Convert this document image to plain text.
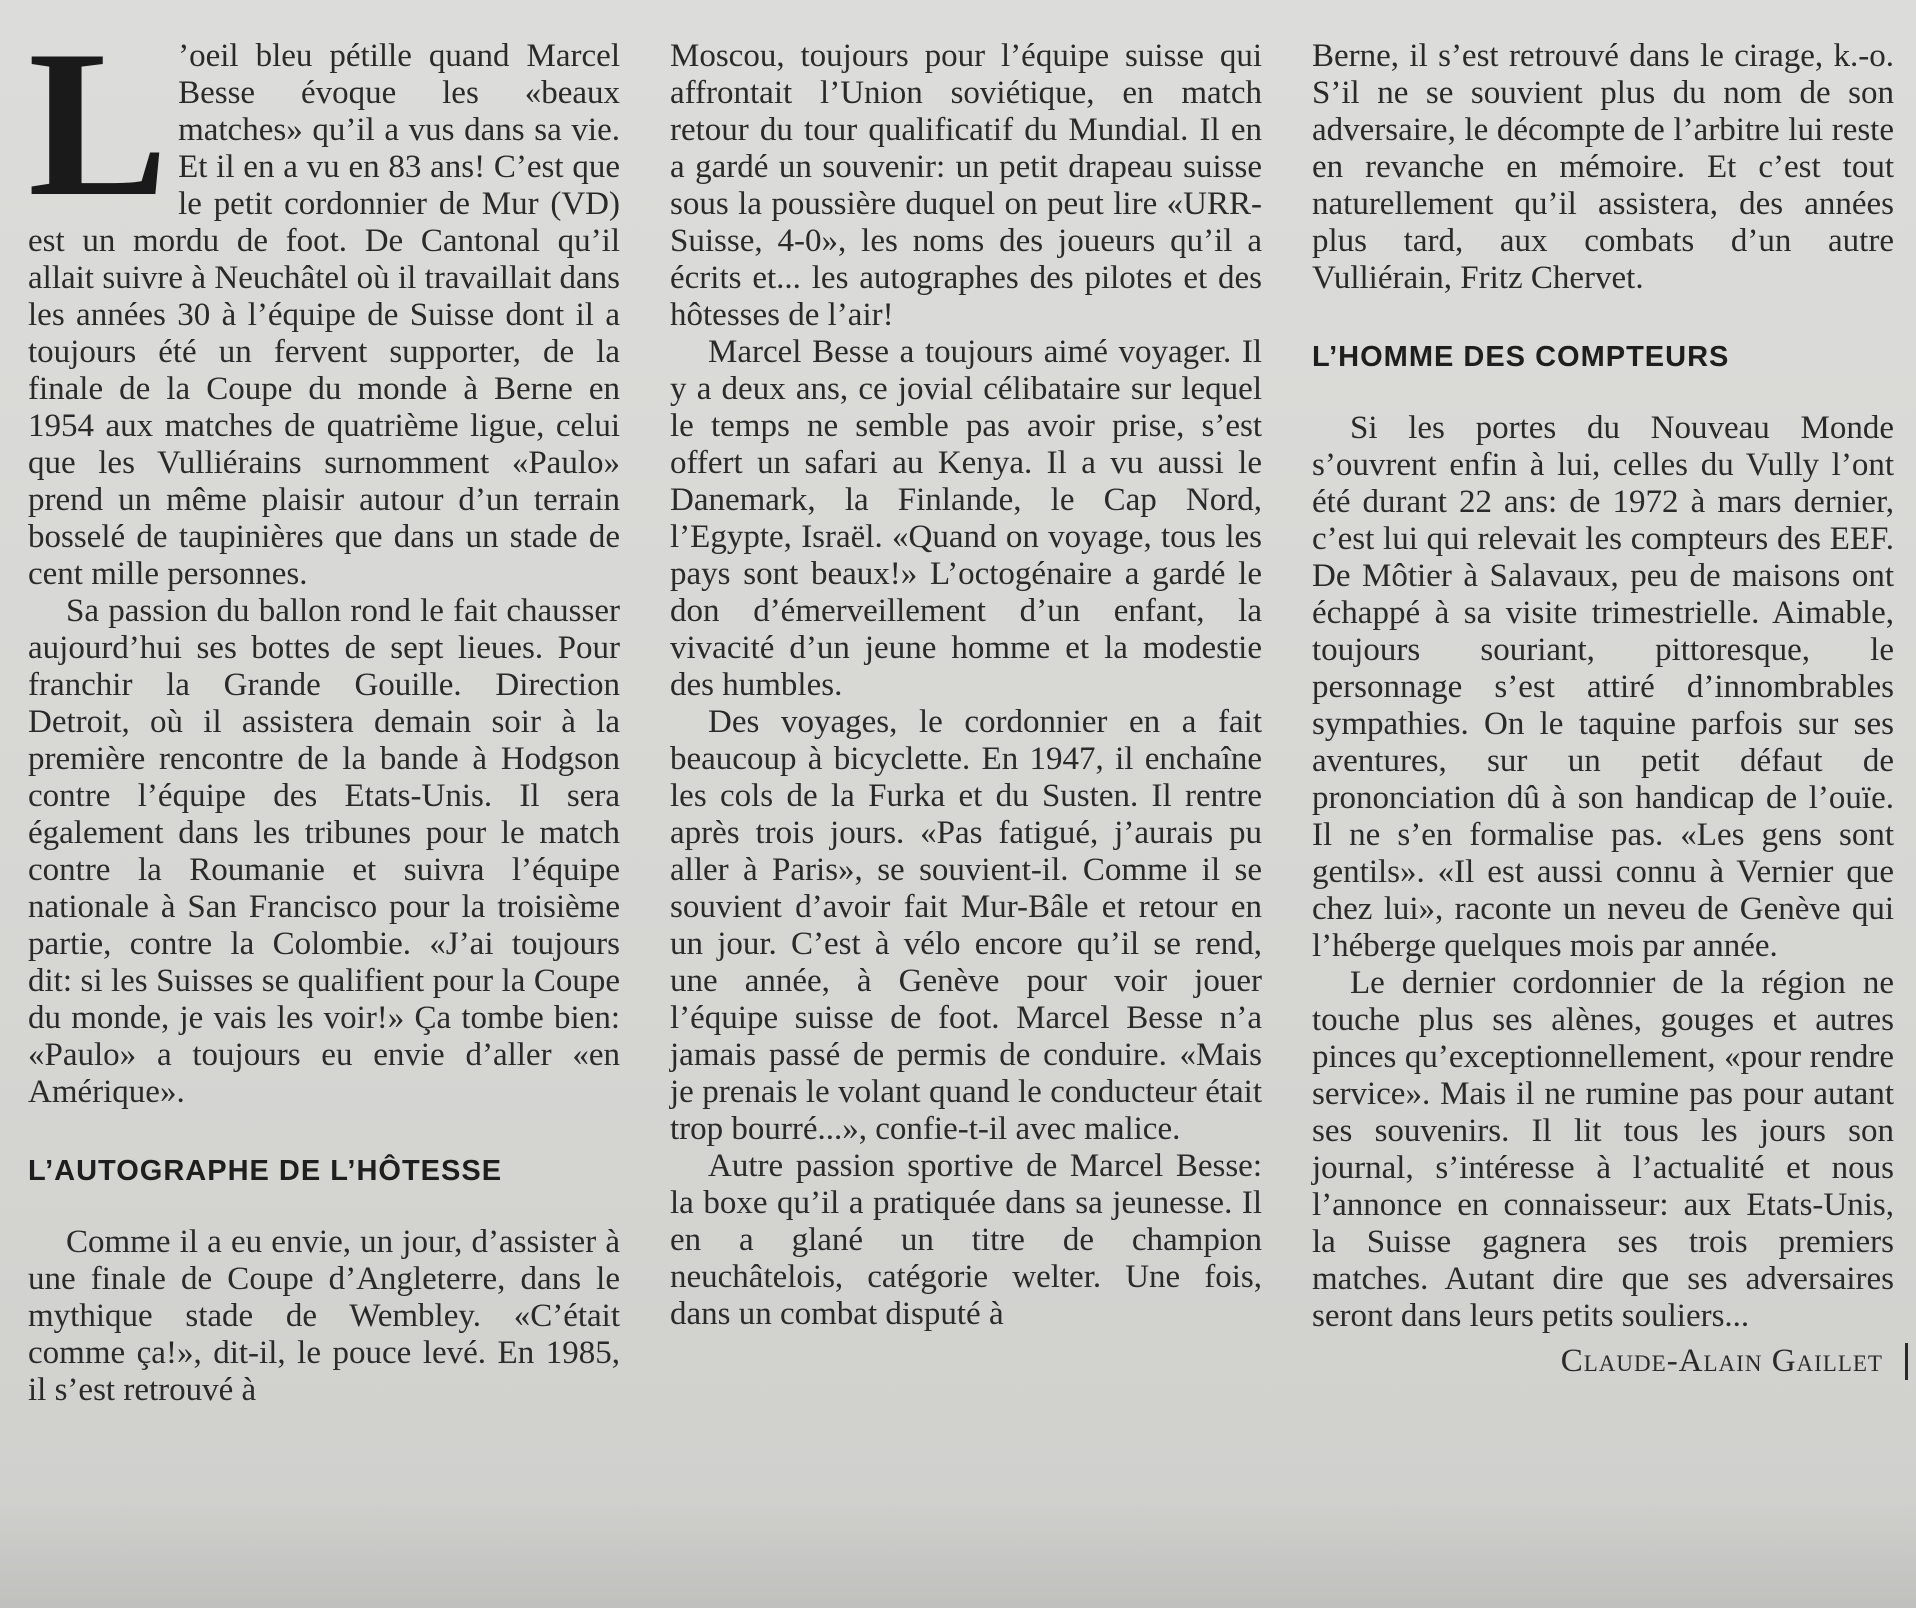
L ’oeil bleu pétille quand Marcel Besse évoque les «beaux matches» qu’il a vus dans sa vie. Et il en a vu en 83 ans! C’est que le petit cordonnier de Mur (VD) est un mordu de foot. De Cantonal qu’il allait suivre à Neuchâtel où il travaillait dans les années 30 à l’équipe de Suisse dont il a toujours été un fervent supporter, de la finale de la Coupe du monde à Berne en 1954 aux matches de quatrième ligue, celui que les Vulliérains surnomment «Paulo» prend un même plaisir autour d’un terrain bosselé de taupinières que dans un stade de cent mille personnes.

Sa passion du ballon rond le fait chausser aujourd’hui ses bottes de sept lieues. Pour franchir la Grande Gouille. Direction Detroit, où il assistera demain soir à la première rencontre de la bande à Hodgson contre l’équipe des Etats-Unis. Il sera également dans les tribunes pour le match contre la Roumanie et suivra l’équipe nationale à San Francisco pour la troisième partie, contre la Colombie. «J’ai toujours dit: si les Suisses se qualifient pour la Coupe du monde, je vais les voir!» Ça tombe bien: «Paulo» a toujours eu envie d’aller «en Amérique».

L’AUTOGRAPHE DE L’HÔTESSE

Comme il a eu envie, un jour, d’assister à une finale de Coupe d’Angleterre, dans le mythique stade de Wembley. «C’était comme ça!», dit-il, le pouce levé. En 1985, il s’est retrouvé à

Moscou, toujours pour l’équipe suisse qui affrontait l’Union soviétique, en match retour du tour qualificatif du Mundial. Il en a gardé un souvenir: un petit drapeau suisse sous la poussière duquel on peut lire «URR-Suisse, 4-0», les noms des joueurs qu’il a écrits et... les autographes des pilotes et des hôtesses de l’air!

Marcel Besse a toujours aimé voyager. Il y a deux ans, ce jovial célibataire sur lequel le temps ne semble pas avoir prise, s’est offert un safari au Kenya. Il a vu aussi le Danemark, la Finlande, le Cap Nord, l’Egypte, Israël. «Quand on voyage, tous les pays sont beaux!» L’octogénaire a gardé le don d’émerveillement d’un enfant, la vivacité d’un jeune homme et la modestie des humbles.

Des voyages, le cordonnier en a fait beaucoup à bicyclette. En 1947, il enchaîne les cols de la Furka et du Susten. Il rentre après trois jours. «Pas fatigué, j’aurais pu aller à Paris», se souvient-il. Comme il se souvient d’avoir fait Mur-Bâle et retour en un jour. C’est à vélo encore qu’il se rend, une année, à Genève pour voir jouer l’équipe suisse de foot. Marcel Besse n’a jamais passé de permis de conduire. «Mais je prenais le volant quand le conducteur était trop bourré...», confie-t-il avec malice.

Autre passion sportive de Marcel Besse: la boxe qu’il a pratiquée dans sa jeunesse. Il en a glané un titre de champion neuchâtelois, catégorie welter. Une fois, dans un combat disputé à

Berne, il s’est retrouvé dans le cirage, k.-o. S’il ne se souvient plus du nom de son adversaire, le décompte de l’arbitre lui reste en revanche en mémoire. Et c’est tout naturellement qu’il assistera, des années plus tard, aux combats d’un autre Vulliérain, Fritz Chervet.

L’HOMME DES COMPTEURS

Si les portes du Nouveau Monde s’ouvrent enfin à lui, celles du Vully l’ont été durant 22 ans: de 1972 à mars dernier, c’est lui qui relevait les compteurs des EEF. De Môtier à Salavaux, peu de maisons ont échappé à sa visite trimestrielle. Aimable, toujours souriant, pittoresque, le personnage s’est attiré d’innombrables sympathies. On le taquine parfois sur ses aventures, sur un petit défaut de prononciation dû à son handicap de l’ouïe. Il ne s’en formalise pas. «Les gens sont gentils». «Il est aussi connu à Vernier que chez lui», raconte un neveu de Genève qui l’héberge quelques mois par année.

Le dernier cordonnier de la région ne touche plus ses alènes, gouges et autres pinces qu’exceptionnellement, «pour rendre service». Mais il ne rumine pas pour autant ses souvenirs. Il lit tous les jours son journal, s’intéresse à l’actualité et nous l’annonce en connaisseur: aux Etats-Unis, la Suisse gagnera ses trois premiers matches. Autant dire que ses adversaires seront dans leurs petits souliers...

Claude-Alain Gaillet
